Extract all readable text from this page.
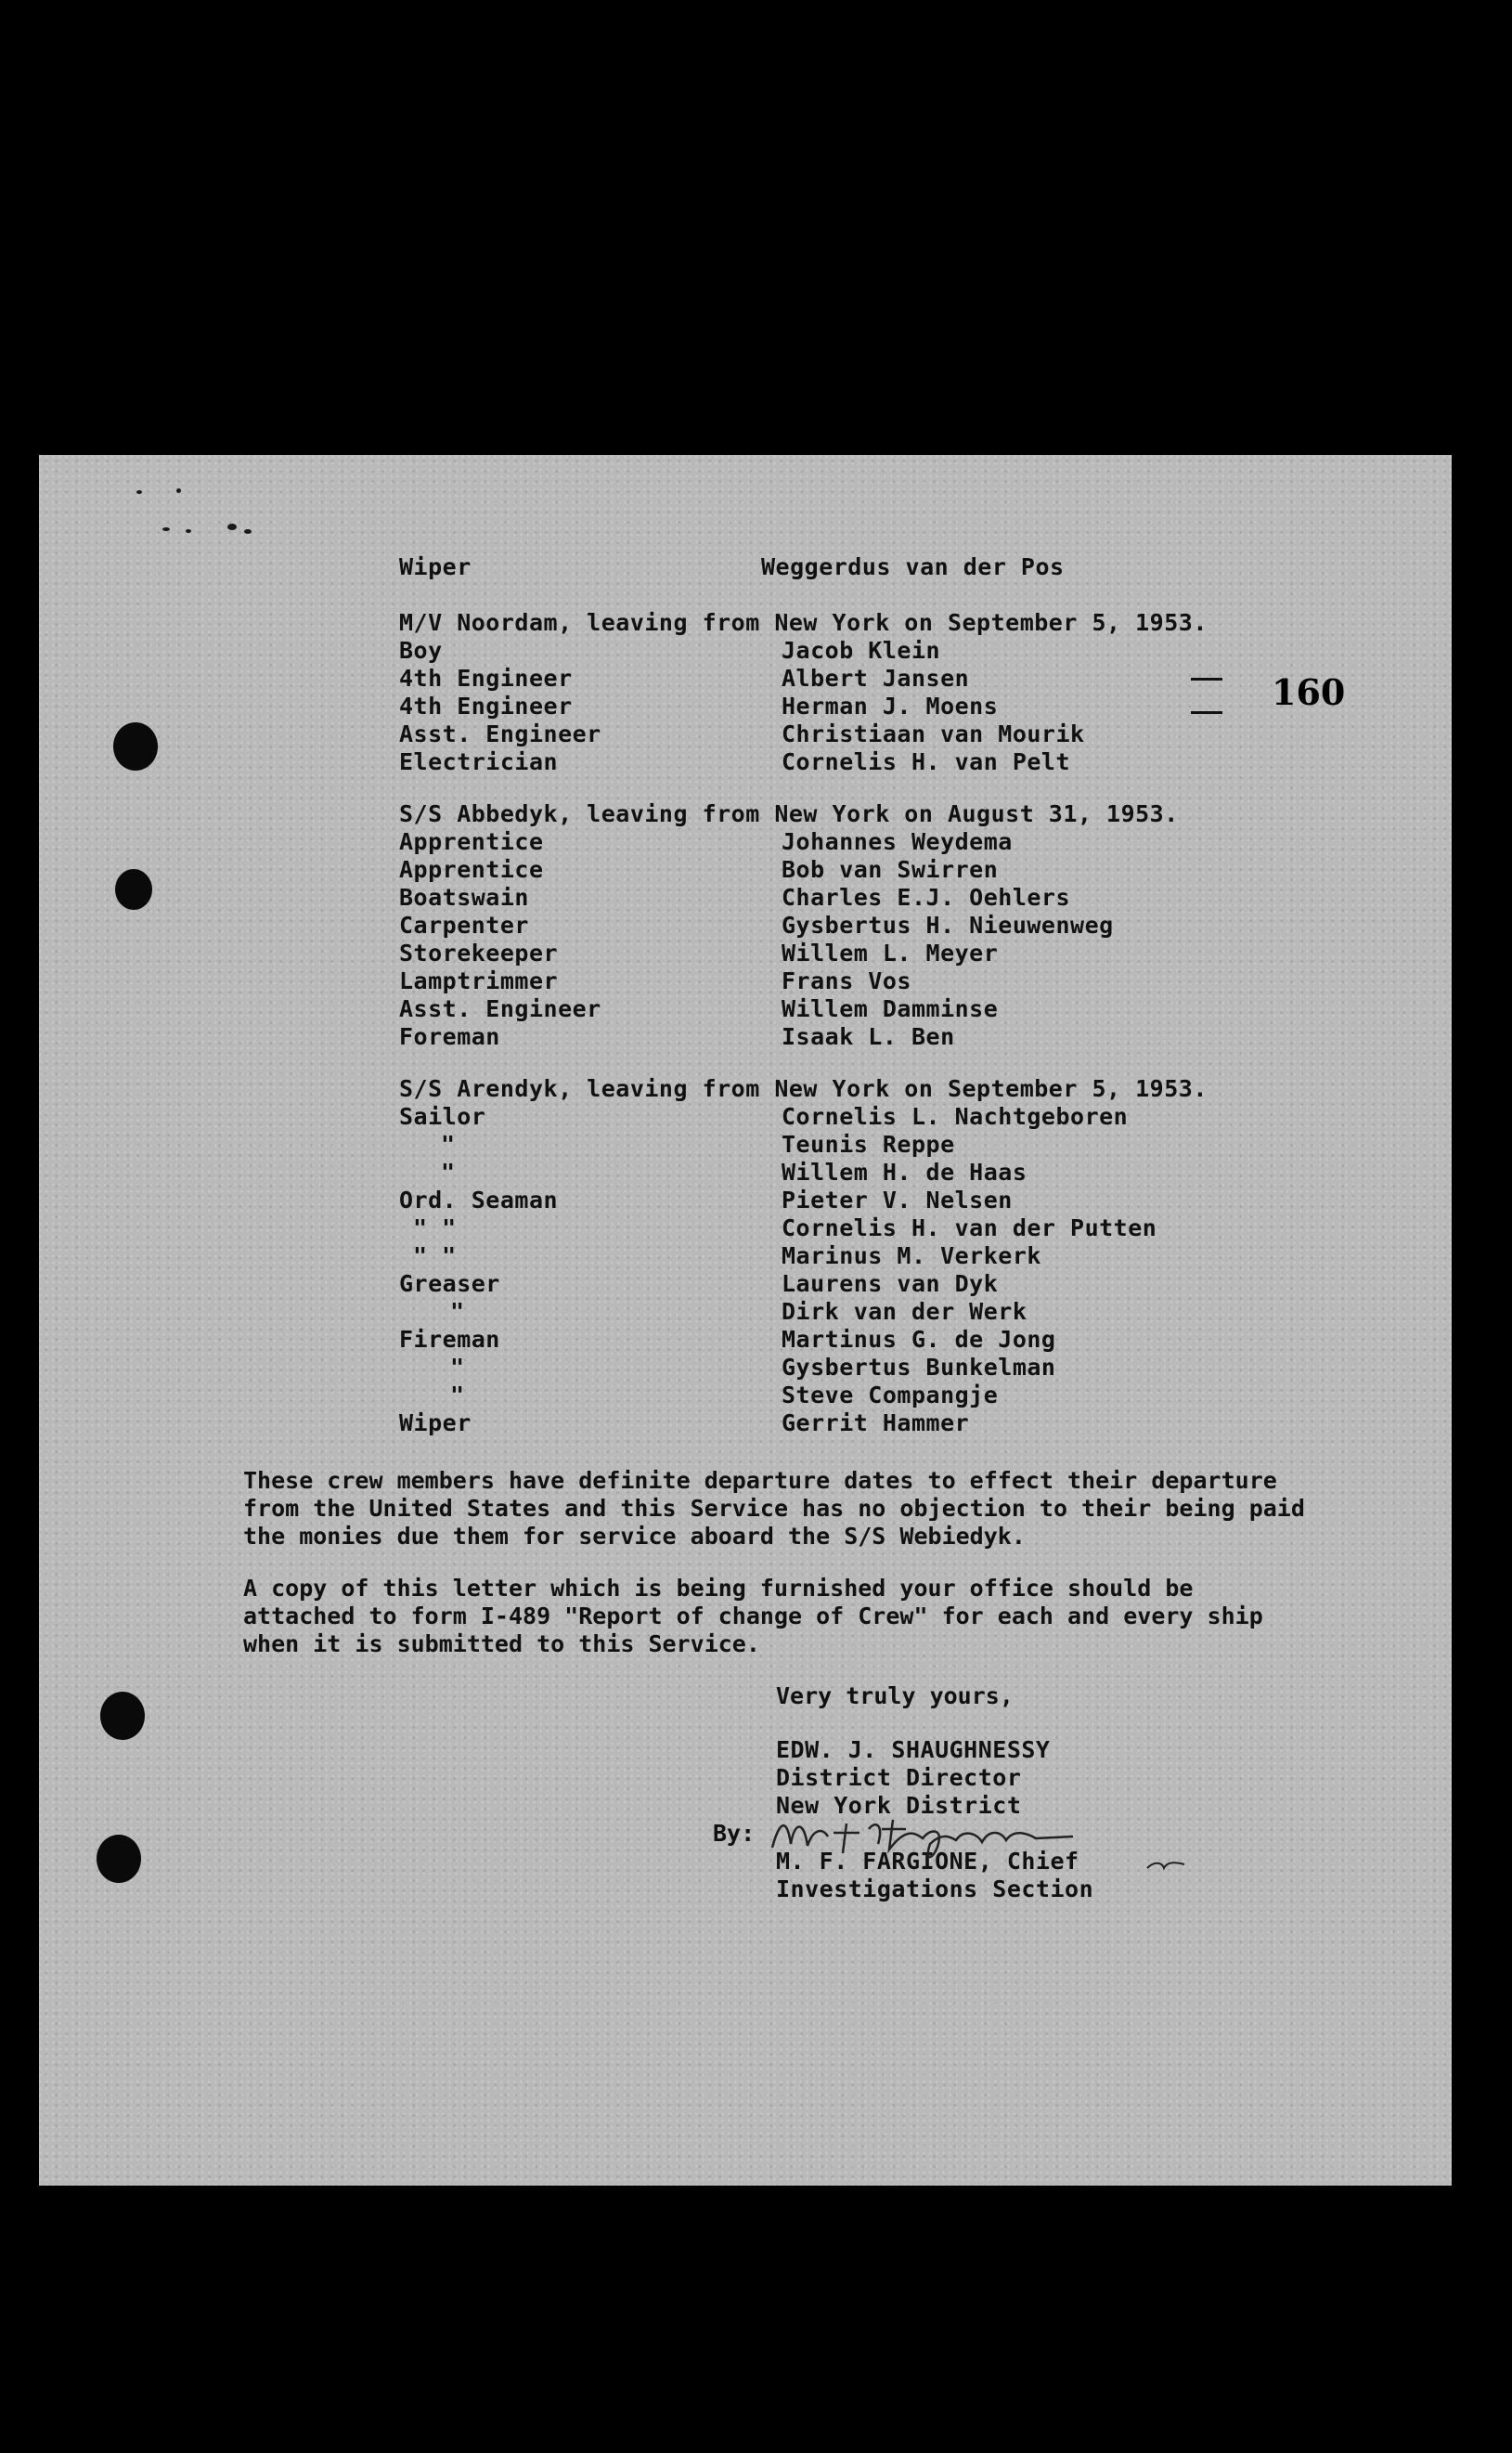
160

Wiper	Weggerdus van der Pos

M/V Noordam, leaving from New York on September 5, 1953.

Boy	Jacob Klein

4th Engineer	Albert Jansen

4th Engineer	Herman J. Moens

Asst. Engineer	Christiaan van Mourik

Electrician	Cornelis H. van Pelt

S/S Abbedyk, leaving from New York on August 31, 1953.

Apprentice	Johannes Weydema

Apprentice	Bob van Swirren

Boatswain	Charles E.J. Oehlers

Carpenter	Gysbertus H. Nieuwenweg

Storekeeper	Willem L. Meyer

Lamptrimmer	Frans Vos

Asst. Engineer	Willem Damminse

Foreman	Isaak L. Ben

S/S Arendyk, leaving from New York on September 5, 1953.

Sailor	Cornelis L. Nachtgeboren

"	Teunis Reppe

"	Willem H. de Haas

Ord. Seaman	Pieter V. Nelsen

" "	Cornelis H. van der Putten

" "	Marinus M. Verkerk

Greaser	Laurens van Dyk

"	Dirk van der Werk

Fireman	Martinus G. de Jong

"	Gysbertus Bunkelman

"	Steve Compangje

Wiper	Gerrit Hammer

These crew members have definite departure dates to effect their departure from the United States and this Service has no objection to their being paid the monies due them for service aboard the S/S Webiedyk.
A copy of this letter which is being furnished your office should be attached to form I-489 "Report of change of Crew" for each and every ship when it is submitted to this Service.
Very truly yours,

EDW. J. SHAUGHNESSY

District Director

New York District

M. F. FARGIONE, Chief

Investigations Section

By:
